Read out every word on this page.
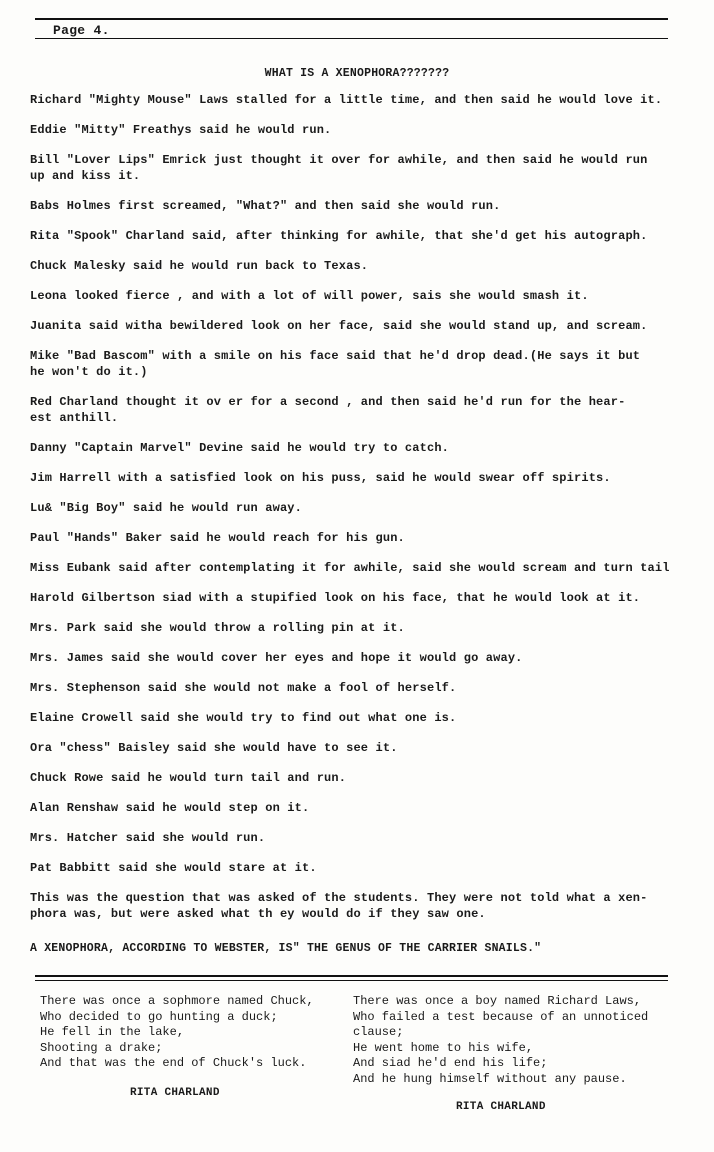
Page 4.
WHAT IS A XENOPHORA???????

Richard "Mighty Mouse" Laws stalled for a little time, and then said he would love it.

Eddie "Mitty" Freathys said he would run.

Bill "Lover Lips" Emrick just thought it over for awhile, and then said he would run
up and kiss it.

Babs Holmes first screamed, "What?" and then said she would run.

Rita "Spook" Charland said, after thinking for awhile, that she'd get his autograph.

Chuck Malesky said he would run back to Texas.

Leona looked fierce , and with a lot of will power, sais she would smash it.

Juanita said witha bewildered look on her face, said she would stand up, and scream.

Mike "Bad Bascom" with a smile on his face said that he'd drop dead.(He says it but
he won't do it.)

Red Charland thought it ov er for a second , and then said he'd run for the hear-
est anthill.

Danny "Captain Marvel" Devine said he would try to catch.

Jim Harrell with a satisfied look on his puss, said he would swear off spirits.

Lu& "Big Boy" said he would run away.

Paul "Hands" Baker said he would reach for his gun.

Miss Eubank said after contemplating it for awhile, said she would scream and turn tail

Harold Gilbertson siad with a stupified look on his face, that he would look at it.

Mrs. Park said she would throw a rolling pin at it.

Mrs. James said she would cover her eyes and hope it would go away.

Mrs. Stephenson said she would not make a fool of herself.

Elaine Crowell said she would try to find out what one is.

Ora "chess" Baisley said she would have to see it.

Chuck Rowe said he would turn tail and run.

Alan Renshaw said he would step on it.

Mrs. Hatcher said she would run.

Pat Babbitt said she would stare at it.

This was the question that was asked of the students. They were not told what a xen-
phora was, but were asked what th ey would do if they saw one.

A XENOPHORA, ACCORDING TO WEBSTER, IS" THE GENUS OF THE CARRIER SNAILS."
There was once a sophmore named Chuck,
Who decided to go hunting a duck;
He fell in the lake,
Shooting a drake;
And that was the end of Chuck's luck.
RITA CHARLAND
There was once a boy named Richard Laws,
Who failed a test because of an unnoticed
clause;
He went home to his wife,
And siad he'd end his life;
And he hung himself without any pause.
RITA CHARLAND
